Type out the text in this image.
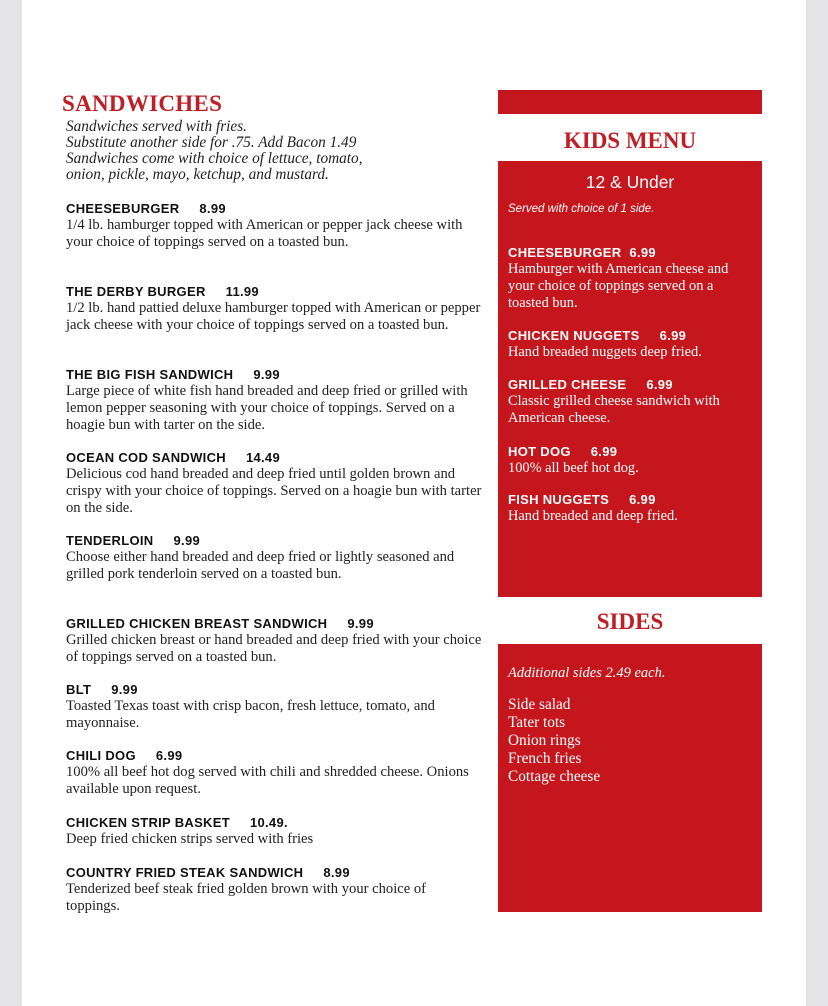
SANDWICHES
Sandwiches served with fries.
Substitute another side for .75. Add Bacon 1.49
Sandwiches come with choice of lettuce, tomato,
onion, pickle, mayo, ketchup, and mustard.
CHEESEBURGER 8.99
1/4 lb. hamburger topped with American or pepper jack cheese with your choice of toppings served on a toasted bun.
THE DERBY BURGER 11.99
1/2 lb. hand pattied deluxe hamburger topped with American or pepper jack cheese with your choice of toppings served on a toasted bun.
THE BIG FISH SANDWICH 9.99
Large piece of white fish hand breaded and deep fried or grilled with lemon pepper seasoning with your choice of toppings. Served on a hoagie bun with tarter on the side.
OCEAN COD SANDWICH 14.49
Delicious cod hand breaded and deep fried until golden brown and crispy with your choice of toppings. Served on a hoagie bun with tarter on the side.
TENDERLOIN 9.99
Choose either hand breaded and deep fried or lightly seasoned and grilled pork tenderloin served on a toasted bun.
GRILLED CHICKEN BREAST SANDWICH 9.99
Grilled chicken breast or hand breaded and deep fried with your choice of toppings served on a toasted bun.
BLT 9.99
Toasted Texas toast with crisp bacon, fresh lettuce, tomato, and mayonnaise.
CHILI DOG 6.99
100% all beef hot dog served with chili and shredded cheese. Onions available upon request.
CHICKEN STRIP BASKET 10.49.
Deep fried chicken strips served with fries
COUNTRY FRIED STEAK SANDWICH 8.99
Tenderized beef steak fried golden brown with your choice of toppings.
KIDS MENU
12 & Under
Served with choice of 1 side.
CHEESEBURGER 6.99
Hamburger with American cheese and your choice of toppings served on a toasted bun.
CHICKEN NUGGETS 6.99
Hand breaded nuggets deep fried.
GRILLED CHEESE 6.99
Classic grilled cheese sandwich with American cheese.
HOT DOG 6.99
100% all beef hot dog.
FISH NUGGETS 6.99
Hand breaded and deep fried.
SIDES
Additional sides 2.49 each.
Side salad
Tater tots
Onion rings
French fries
Cottage cheese
